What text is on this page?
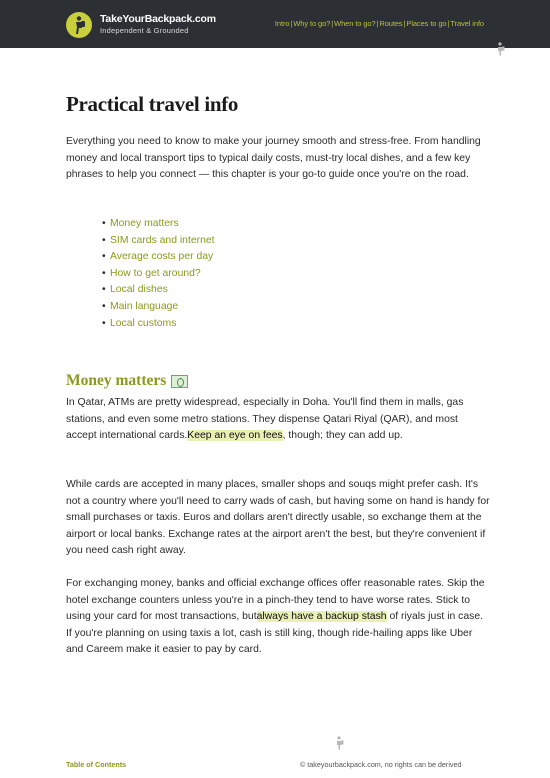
TakeYourBackpack.com
Independent & Grounded
Intro | Why to go? | When to go? | Routes | Places to go | Travel info
Practical travel info
Everything you need to know to make your journey smooth and stress-free. From handling money and local transport tips to typical daily costs, must-try local dishes, and a few key phrases to help you connect — this chapter is your go-to guide once you're on the road.
• Money matters
• SIM cards and internet
• Average costs per day
• How to get around?
• Local dishes
• Main language
• Local customs
Money matters
In Qatar, ATMs are pretty widespread, especially in Doha. You'll find them in malls, gas stations, and even some metro stations. They dispense Qatari Riyal (QAR), and most accept international cards.Keep an eye on fees, though; they can add up.
While cards are accepted in many places, smaller shops and souqs might prefer cash. It's not a country where you'll need to carry wads of cash, but having some on hand is handy for small purchases or taxis. Euros and dollars aren't directly usable, so exchange them at the airport or local banks. Exchange rates at the airport aren't the best, but they're convenient if you need cash right away.
For exchanging money, banks and official exchange offices offer reasonable rates. Skip the hotel exchange counters unless you're in a pinch-they tend to have worse rates. Stick to using your card for most transactions, butalways have a backup stash of riyals just in case. If you're planning on using taxis a lot, cash is still king, though ride-hailing apps like Uber and Careem make it easier to pay by card.
Table of Contents	© takeyourbackpack.com, no rights can be derived
